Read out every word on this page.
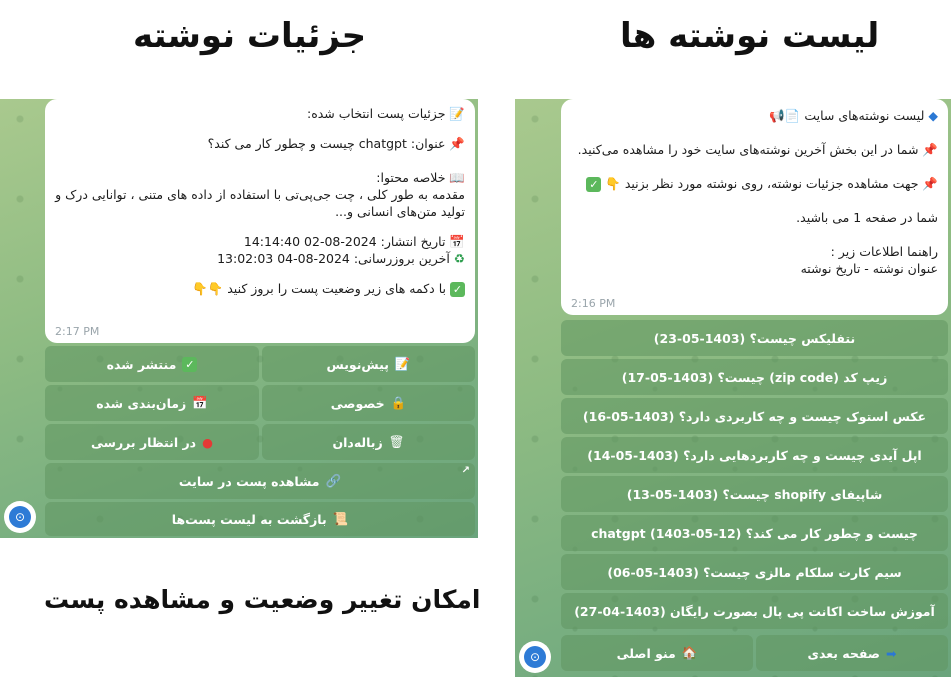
لیست نوشته ها
جزئیات نوشته
امکان تغییر وضعیت و مشاهده پست
📝 جزئیات پست انتخاب شده:
📌 عنوان: chatgpt چیست و چطور کار می کند؟
📖 خلاصه محتوا:
مقدمه به طور کلی ، چت جی‌پی‌تی با استفاده از داده های متنی ، توانایی درک و
تولید متن‌های انسانی و...
📅 تاریخ انتشار: 2024-08-02 14:14:40
♻ آخرین بروزرسانی: 2024-08-04 13:02:03
✓ با دکمه های زیر وضعیت پست را بروز کنید 👇👇
2:17 PM
📝
پیش‌نویس
✓
منتشر شده
🔒
خصوصی
📅
زمان‌بندی شده
🗑
زباله‌دان
●
در انتظار بررسی
↗
🔗
مشاهده پست در سایت
📜
بازگشت به لیست پست‌ها
⊙
◆ لیست نوشته‌های سایت 📄📢
📌 شما در این بخش آخرین نوشته‌های سایت خود را مشاهده می‌کنید.
📌 جهت مشاهده جزئیات نوشته، روی نوشته مورد نظر بزنید 👇 ✓
شما در صفحه 1 می باشید.
راهنما اطلاعات زیر :
عنوان نوشته - تاریخ نوشته
2:16 PM
نتفلیکس چیست؟ (1403-05-23)
زیپ کد (zip code) چیست؟ (1403-05-17)
عکس استوک چیست و چه کاربردی دارد؟ (1403-05-16)
اپل آیدی چیست و چه کاربردهایی دارد؟ (1403-05-14)
شاپیفای shopify چیست؟ (1403-05-13)
چیست و چطور کار می کند؟ chatgpt (1403-05-12)
سیم کارت سلکام مالزی چیست؟ (1403-05-06)
آموزش ساخت اکانت پی پال بصورت رایگان (1403-04-27)
➡
صفحه بعدی
🏠
منو اصلی
⊙
